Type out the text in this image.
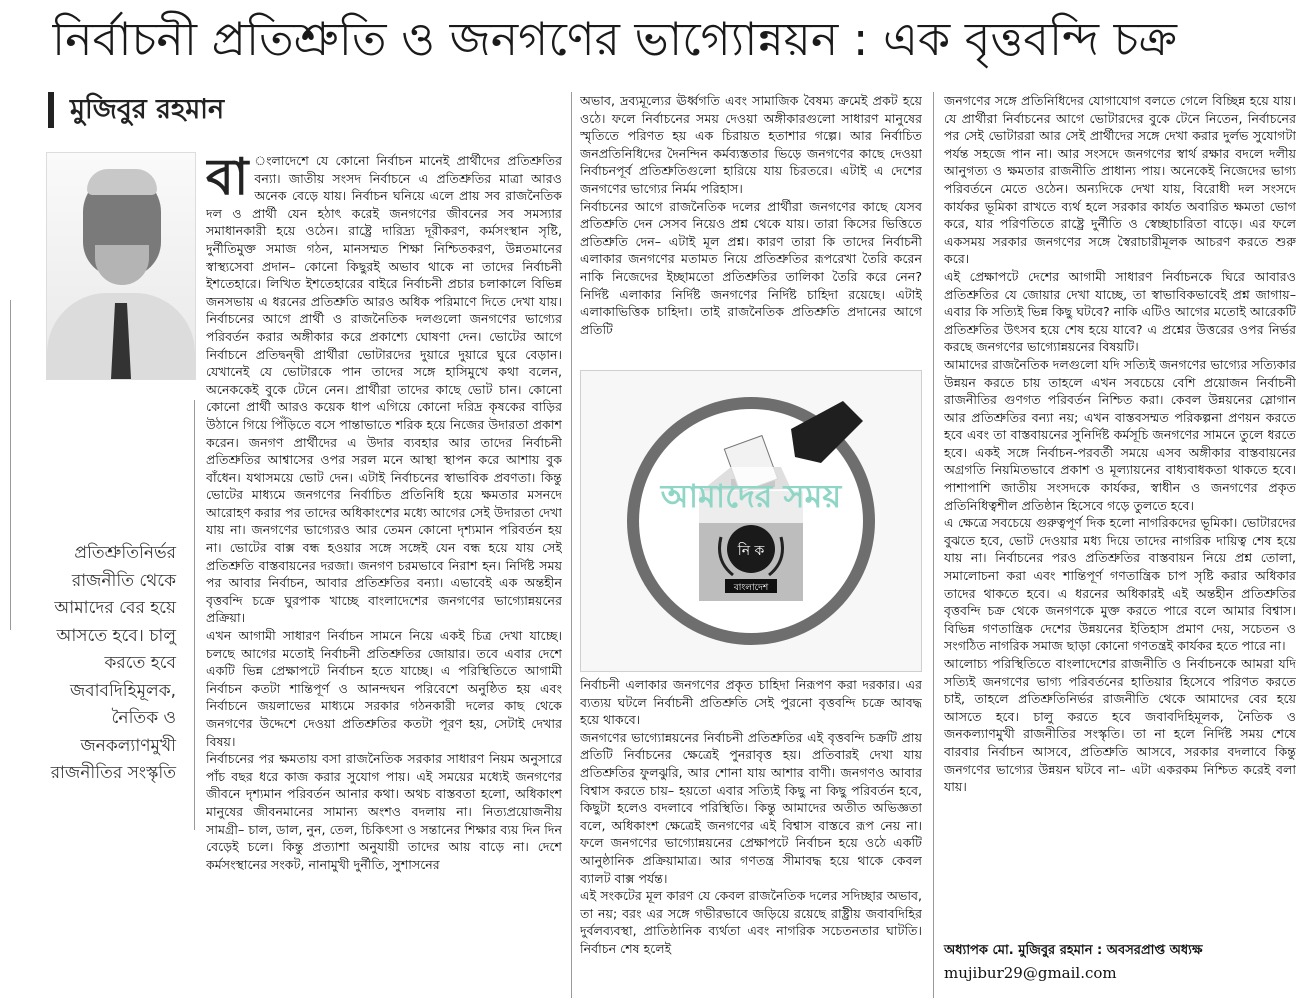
নির্বাচনী প্রতিশ্রুতি ও জনগণের ভাগ্যোন্নয়ন : এক বৃত্তবন্দি চক্র
মুজিবুর রহমান
প্রতিশ্রুতিনির্ভর রাজনীতি থেকে আমাদের বের হয়ে আসতে হবে। চালু করতে হবে জবাবদিহিমূলক, নৈতিক ও জনকল্যাণমুখী রাজনীতির সংস্কৃতি

বা ংলাদেশে যে কোনো নির্বাচন মানেই প্রার্থীদের প্রতিশ্রুতির বন্যা। জাতীয় সংসদ নির্বাচনে এ প্রতিশ্রুতির মাত্রা আরও অনেক বেড়ে যায়। নির্বাচন ঘনিয়ে এলে প্রায় সব রাজনৈতিক দল ও প্রার্থী যেন হঠাৎ করেই জনগণের জীবনের সব সমস্যার সমাধানকারী হয়ে ওঠেন। রাষ্ট্রে দারিদ্র্য দূরীকরণ, কর্মসংস্থান সৃষ্টি, দুর্নীতিমুক্ত সমাজ গঠন, মানসম্মত শিক্ষা নিশ্চিতকরণ, উন্নতমানের স্বাস্থ্যসেবা প্রদান– কোনো কিছুরই অভাব থাকে না তাদের নির্বাচনী ইশতেহারে। লিখিত ইশতেহারের বাইরে নির্বাচনী প্রচার চলাকালে বিভিন্ন জনসভায় এ ধরনের প্রতিশ্রুতি আরও অধিক পরিমাণে দিতে দেখা যায়। নির্বাচনের আগে প্রার্থী ও রাজনৈতিক দলগুলো জনগণের ভাগ্যের পরিবর্তন করার অঙ্গীকার করে প্রকাশ্যে ঘোষণা দেন। ভোটের আগে নির্বাচনে প্রতিদ্বন্দ্বী প্রার্থীরা ভোটারদের দুয়ারে দুয়ারে ঘুরে বেড়ান। যেখানেই যে ভোটারকে পান তাদের সঙ্গে হাসিমুখে কথা বলেন, অনেককেই বুকে টেনে নেন। প্রার্থীরা তাদের কাছে ভোট চান। কোনো কোনো প্রার্থী আরও কয়েক ধাপ এগিয়ে কোনো দরিদ্র কৃষকের বাড়ির উঠানে গিয়ে পিঁড়িতে বসে পান্তাভাতে শরিক হয়ে নিজের উদারতা প্রকাশ করেন। জনগণ প্রার্থীদের এ উদার ব্যবহার আর তাদের নির্বাচনী প্রতিশ্রুতির আশ্বাসের ওপর সরল মনে আস্থা স্থাপন করে আশায় বুক বাঁধেন। যথাসময়ে ভোট দেন। এটাই নির্বাচনের স্বাভাবিক প্রবণতা। কিন্তু ভোটের মাধ্যমে জনগণের নির্বাচিত প্রতিনিধি হয়ে ক্ষমতার মসনদে আরোহণ করার পর তাদের অধিকাংশের মধ্যে আগের সেই উদারতা দেখা যায় না। জনগণের ভাগ্যেরও আর তেমন কোনো দৃশ্যমান পরিবর্তন হয় না। ভোটের বাক্স বন্ধ হওয়ার সঙ্গে সঙ্গেই যেন বন্ধ হয়ে যায় সেই প্রতিশ্রুতি বাস্তবায়নের দরজা। জনগণ চরমভাবে নিরাশ হন। নির্দিষ্ট সময় পর আবার নির্বাচন, আবার প্রতিশ্রুতির বন্যা। এভাবেই এক অন্তহীন বৃত্তবন্দি চক্রে ঘুরপাক খাচ্ছে বাংলাদেশের জনগণের ভাগ্যোন্নয়নের প্রক্রিয়া।

এখন আগামী সাধারণ নির্বাচন সামনে নিয়ে একই চিত্র দেখা যাচ্ছে। চলছে আগের মতোই নির্বাচনী প্রতিশ্রুতির জোয়ার। তবে এবার দেশে একটি ভিন্ন প্রেক্ষাপটে নির্বাচন হতে যাচ্ছে। এ পরিস্থিতিতে আগামী নির্বাচন কতটা শান্তিপূর্ণ ও আনন্দঘন পরিবেশে অনুষ্ঠিত হয় এবং নির্বাচনে জয়লাভের মাধ্যমে সরকার গঠনকারী দলের কাছ থেকে জনগণের উদ্দেশে দেওয়া প্রতিশ্রুতির কতটা পূরণ হয়, সেটাই দেখার বিষয়।

নির্বাচনের পর ক্ষমতায় বসা রাজনৈতিক সরকার সাধারণ নিয়ম অনুসারে পাঁচ বছর ধরে কাজ করার সুযোগ পায়। এই সময়ের মধ্যেই জনগণের জীবনে দৃশ্যমান পরিবর্তন আনার কথা। অথচ বাস্তবতা হলো, অধিকাংশ মানুষের জীবনমানের সামান্য অংশও বদলায় না। নিত্যপ্রয়োজনীয় সামগ্রী– চাল, ডাল, নুন, তেল, চিকিৎসা ও সন্তানের শিক্ষার ব্যয় দিন দিন বেড়েই চলে। কিন্তু প্রত্যাশা অনুযায়ী তাদের আয় বাড়ে না। দেশে কর্মসংস্থানের সংকট, নানামুখী দুর্নীতি, সুশাসনের

অভাব, দ্রব্যমূল্যের ঊর্ধ্বগতি এবং সামাজিক বৈষম্য ক্রমেই প্রকট হয়ে ওঠে। ফলে নির্বাচনের সময় দেওয়া অঙ্গীকারগুলো সাধারণ মানুষের স্মৃতিতে পরিণত হয় এক চিরায়ত হতাশার গল্পে। আর নির্বাচিত জনপ্রতিনিধিদের দৈনন্দিন কর্মব্যস্ততার ভিড়ে জনগণের কাছে দেওয়া নির্বাচনপূর্ব প্রতিশ্রুতিগুলো হারিয়ে যায় চিরতরে। এটাই এ দেশের জনগণের ভাগ্যের নির্মম পরিহাস।

নির্বাচনের আগে রাজনৈতিক দলের প্রার্থীরা জনগণের কাছে যেসব প্রতিশ্রুতি দেন সেসব নিয়েও প্রশ্ন থেকে যায়। তারা কিসের ভিত্তিতে প্রতিশ্রুতি দেন– এটাই মূল প্রশ্ন। কারণ তারা কি তাদের নির্বাচনী এলাকার জনগণের মতামত নিয়ে প্রতিশ্রুতির রূপরেখা তৈরি করেন নাকি নিজেদের ইচ্ছামতো প্রতিশ্রুতির তালিকা তৈরি করে নেন? নির্দিষ্ট এলাকার নির্দিষ্ট জনগণের নির্দিষ্ট চাহিদা রয়েছে। এটাই এলাকাভিত্তিক চাহিদা। তাই রাজনৈতিক প্রতিশ্রুতি প্রদানের আগে প্রতিটি

নি ক
বাংলাদেশ
আমাদের সময়

নির্বাচনী এলাকার জনগণের প্রকৃত চাহিদা নিরূপণ করা দরকার। এর ব্যত্যয় ঘটলে নির্বাচনী প্রতিশ্রুতি সেই পুরনো বৃত্তবন্দি চক্রে আবদ্ধ হয়ে থাকবে।

জনগণের ভাগ্যোন্নয়নের নির্বাচনী প্রতিশ্রুতির এই বৃত্তবন্দি চক্রটি প্রায় প্রতিটি নির্বাচনের ক্ষেত্রেই পুনরাবৃত্ত হয়। প্রতিবারই দেখা যায় প্রতিশ্রুতির ফুলঝুরি, আর শোনা যায় আশার বাণী। জনগণও আবার বিশ্বাস করতে চায়– হয়তো এবার সত্যিই কিছু না কিছু পরিবর্তন হবে, কিছুটা হলেও বদলাবে পরিস্থিতি। কিন্তু আমাদের অতীত অভিজ্ঞতা বলে, অধিকাংশ ক্ষেত্রেই জনগণের এই বিশ্বাস বাস্তবে রূপ নেয় না। ফলে জনগণের ভাগ্যোন্নয়নের প্রেক্ষাপটে নির্বাচন হয়ে ওঠে একটি আনুষ্ঠানিক প্রক্রিয়ামাত্র। আর গণতন্ত্র সীমাবদ্ধ হয়ে থাকে কেবল ব্যালট বাক্স পর্যন্ত।

এই সংকটের মূল কারণ যে কেবল রাজনৈতিক দলের সদিচ্ছার অভাব, তা নয়; বরং এর সঙ্গে গভীরভাবে জড়িয়ে রয়েছে রাষ্ট্রীয় জবাবদিহির দুর্বলব্যবস্থা, প্রাতিষ্ঠানিক ব্যর্থতা এবং নাগরিক সচেতনতার ঘাটতি। নির্বাচন শেষ হলেই

জনগণের সঙ্গে প্রতিনিধিদের যোগাযোগ বলতে গেলে বিচ্ছিন্ন হয়ে যায়। যে প্রার্থীরা নির্বাচনের আগে ভোটারদের বুকে টেনে নিতেন, নির্বাচনের পর সেই ভোটাররা আর সেই প্রার্থীদের সঙ্গে দেখা করার দুর্লভ সুযোগটা পর্যন্ত সহজে পান না। আর সংসদে জনগণের স্বার্থ রক্ষার বদলে দলীয় আনুগত্য ও ক্ষমতার রাজনীতি প্রাধান্য পায়। অনেকেই নিজেদের ভাগ্য পরিবর্তনে মেতে ওঠেন। অন্যদিকে দেখা যায়, বিরোধী দল সংসদে কার্যকর ভূমিকা রাখতে ব্যর্থ হলে সরকার কার্যত অবারিত ক্ষমতা ভোগ করে, যার পরিণতিতে রাষ্ট্রে দুর্নীতি ও স্বেচ্ছাচারিতা বাড়ে। এর ফলে একসময় সরকার জনগণের সঙ্গে স্বৈরাচারীমূলক আচরণ করতে শুরু করে।

এই প্রেক্ষাপটে দেশের আগামী সাধারণ নির্বাচনকে ঘিরে আবারও প্রতিশ্রুতির যে জোয়ার দেখা যাচ্ছে, তা স্বাভাবিকভাবেই প্রশ্ন জাগায়– এবার কি সত্যিই ভিন্ন কিছু ঘটবে? নাকি এটিও আগের মতোই আরেকটি প্রতিশ্রুতির উৎসব হয়ে শেষ হয়ে যাবে? এ প্রশ্নের উত্তরের ওপর নির্ভর করছে জনগণের ভাগ্যোন্নয়নের বিষয়টি।

আমাদের রাজনৈতিক দলগুলো যদি সত্যিই জনগণের ভাগ্যের সত্যিকার উন্নয়ন করতে চায় তাহলে এখন সবচেয়ে বেশি প্রয়োজন নির্বাচনী রাজনীতির গুণগত পরিবর্তন নিশ্চিত করা। কেবল উন্নয়নের স্লোগান আর প্রতিশ্রুতির বন্যা নয়; এখন বাস্তবসম্মত পরিকল্পনা প্রণয়ন করতে হবে এবং তা বাস্তবায়নের সুনির্দিষ্ট কর্মসূচি জনগণের সামনে তুলে ধরতে হবে। একই সঙ্গে নির্বাচন-পরবর্তী সময়ে এসব অঙ্গীকার বাস্তবায়নের অগ্রগতি নিয়মিতভাবে প্রকাশ ও মূল্যায়নের বাধ্যবাধকতা থাকতে হবে। পাশাপাশি জাতীয় সংসদকে কার্যকর, স্বাধীন ও জনগণের প্রকৃত প্রতিনিধিত্বশীল প্রতিষ্ঠান হিসেবে গড়ে তুলতে হবে।

এ ক্ষেত্রে সবচেয়ে গুরুত্বপূর্ণ দিক হলো নাগরিকদের ভূমিকা। ভোটারদের বুঝতে হবে, ভোট দেওয়ার মধ্য দিয়ে তাদের নাগরিক দায়িত্ব শেষ হয়ে যায় না। নির্বাচনের পরও প্রতিশ্রুতির বাস্তবায়ন নিয়ে প্রশ্ন তোলা, সমালোচনা করা এবং শান্তিপূর্ণ গণতান্ত্রিক চাপ সৃষ্টি করার অধিকার তাদের থাকতে হবে। এ ধরনের অধিকারই এই অন্তহীন প্রতিশ্রুতির বৃত্তবন্দি চক্র থেকে জনগণকে মুক্ত করতে পারে বলে আমার বিশ্বাস। বিভিন্ন গণতান্ত্রিক দেশের উন্নয়নের ইতিহাস প্রমাণ দেয়, সচেতন ও সংগঠিত নাগরিক সমাজ ছাড়া কোনো গণতন্ত্রই কার্যকর হতে পারে না।

আলোচ্য পরিস্থিতিতে বাংলাদেশের রাজনীতি ও নির্বাচনকে আমরা যদি সত্যিই জনগণের ভাগ্য পরিবর্তনের হাতিয়ার হিসেবে পরিণত করতে চাই, তাহলে প্রতিশ্রুতিনির্ভর রাজনীতি থেকে আমাদের বের হয়ে আসতে হবে। চালু করতে হবে জবাবদিহিমূলক, নৈতিক ও জনকল্যাণমুখী রাজনীতির সংস্কৃতি। তা না হলে নির্দিষ্ট সময় শেষে বারবার নির্বাচন আসবে, প্রতিশ্রুতি আসবে, সরকার বদলাবে কিন্তু জনগণের ভাগ্যের উন্নয়ন ঘটবে না– এটা একরকম নিশ্চিত করেই বলা যায়।

অধ্যাপক মো. মুজিবুর রহমান : অবসরপ্রাপ্ত অধ্যক্ষ
mujibur29@gmail.com
